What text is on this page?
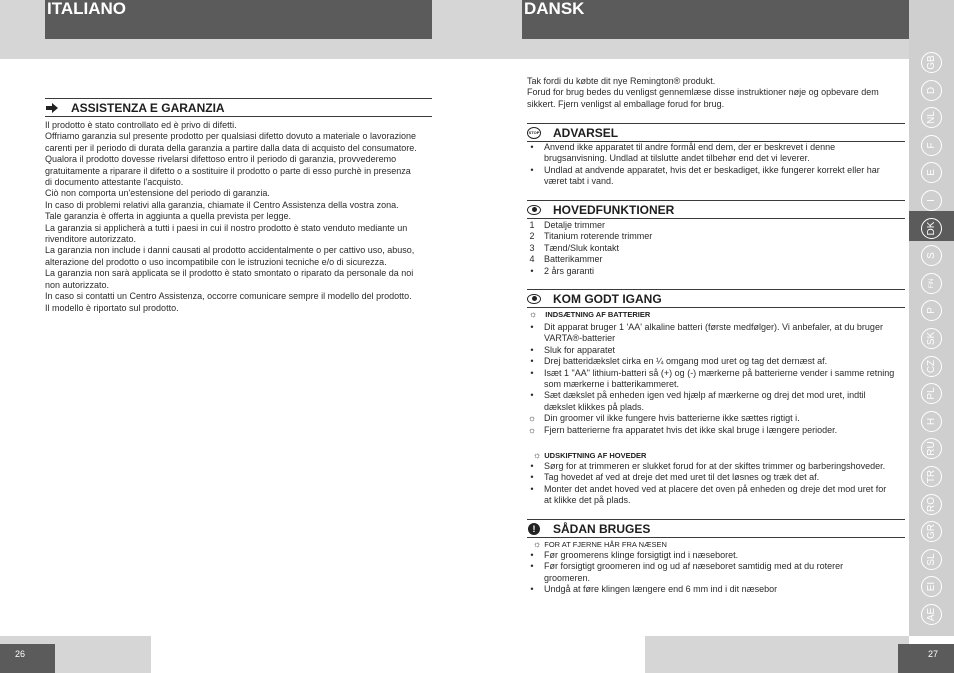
ITALIANO	DANSK
ASSISTENZA E GARANZIA

Il prodotto è stato controllato ed è privo di difetti.

Offriamo garanzia sul presente prodotto per qualsiasi difetto dovuto a materiale o lavorazione

carenti per il periodo di durata della garanzia a partire dalla data di acquisto del consumatore.

Qualora il prodotto dovesse rivelarsi difettoso entro il periodo di garanzia, provvederemo

gratuitamente a riparare il difetto o a sostituire il prodotto o parte di esso purchè in presenza

di documento attestante l'acquisto.

Ciò non comporta un'estensione del periodo di garanzia.

In caso di problemi relativi alla garanzia, chiamate il Centro Assistenza della vostra zona.

Tale garanzia è offerta in aggiunta a quella prevista per legge.

La garanzia si applicherà a tutti i paesi in cui il nostro prodotto è stato venduto mediante un

rivenditore autorizzato.

La garanzia non include i danni causati al prodotto accidentalmente o per cattivo uso, abuso,

alterazione del prodotto o uso incompatibile con le istruzioni tecniche e/o di sicurezza.

La garanzia non sarà applicata se il prodotto è stato smontato o riparato da personale da noi

non autorizzato.

In caso si contatti un Centro Assistenza, occorre comunicare sempre il modello del prodotto.

Il modello è riportato sul prodotto.

26

Tak fordi du købte dit nye Remington® produkt.

Forud for brug bedes du venligst gennemlæse disse instruktioner nøje og opbevare dem

sikkert. Fjern venligst al emballage forud for brug.

STOP ADVARSEL
•	Anvend ikke apparatet til andre formål end dem, der er beskrevet i denne
brugsanvisning. Undlad at tilslutte andet tilbehør end det vi leverer.
•	Undlad at andvende apparatet, hvis det er beskadiget, ikke fungerer korrekt eller har
været tabt i vand.
HOVEDFUNKTIONER
1 Detalje trimmer
2 Titanium roterende trimmer
3 Tænd/Sluk kontakt
4 Batterikammer
•	2 års garanti
KOM GODT IGANG
☼ INDSÆTNING AF BATTERIER
•	Dit apparat bruger 1 'AA' alkaline batteri (første medfølger). Vi anbefaler, at du bruger
VARTA®-batterier
•	Sluk for apparatet
•	Drej batteridækslet cirka en ¼ omgang mod uret og tag det dernæst af.
•	Isæt 1 "AA" lithium-batteri så (+) og (-) mærkerne på batterierne vender i samme retning
som mærkerne i batterikammeret.
•	Sæt dækslet på enheden igen ved hjælp af mærkerne og drej det mod uret, indtil
dækslet klikkes på plads.
☼ Din groomer vil ikke fungere hvis batterierne ikke sættes rigtigt i.
☼ Fjern batterierne fra apparatet hvis det ikke skal bruge i længere perioder.
☼ UDSKIFTNING AF HOVEDER
•	Sørg for at trimmeren er slukket forud for at der skiftes trimmer og barberingshoveder.
•	Tag hovedet af ved at dreje det med uret til det løsnes og træk det af.
•	Monter det andet hoved ved at placere det oven på enheden og dreje det mod uret for
at klikke det på plads.
!	SÅDAN BRUGES
☼ FOR AT FJERNE HÅR FRA NÆSEN
•	Før groomerens klinge forsigtigt ind i næseboret.
•	Før forsigtigt groomeren ind og ud af næseboret samtidig med at du roterer
groomeren.
•	Undgå at føre klingen længere end 6 mm ind i dit næsebor
27
GB
D
NL
F
E
I
DK
S
FIN
P
SK
CZ
PL
H
RU
TR
RO
GR
SL
ΕΙ
AE
